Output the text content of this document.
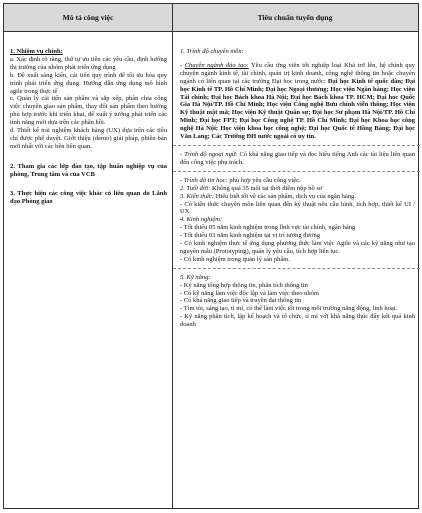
Mô tả công việc	Tiêu chuẩn tuyển dụng

1. Nhiệm vụ chính:

a. Xác định rõ ràng, thứ tự ưu tiên các yêu cầu, định hướng thị trường của nhóm phát triển ứng dụng

b. Đề xuất sáng kiến, cải tiến quy trình để tối ưu hóa quy trình phát triển ứng dụng. Hướng dẫn ứng dụng mô hình agile trong thực tế

c. Quản lý cải tiến sản phẩm và sắp xếp, phân chia công việc chuyên giao sản phẩm, thay đổi sản phẩm theo hướng phù hợp trước khi triển khai, để xuất ý tưởng phát triển các tính năng mới dựa trên các phân hồi.

d. Thiết kế trải nghiệm khách hàng (UX) dựa trên các tiêu chí được phê duyệt. Giới thiệu (demo) giải pháp, phiên bản mới nhất với các bên liên quan.

2. Tham gia các lớp đào tạo, tập huấn nghiệp vụ của phòng, Trung tâm và của VCB

3. Thực hiện các công việc khác có liên quan do Lãnh đạo Phòng giao

1. Trình độ chuyên môn:

- Chuyên ngành đào tạo: Yêu cầu ứng viên tốt nghiệp loại Khá trở lên, hệ chính quy chuyên ngành kinh tế, tài chính, quản trị kinh doanh, công nghệ thông tin hoặc chuyên ngành có liên quan tại các trường Đại học trong nước: Đại học Kinh tế quốc dân; Đại học Kinh tế TP. Hồ Chí Minh; Đại học Ngoại thương; Học viện Ngân hàng; Học viện Tài chính; Đại học Bách khoa Hà Nội; Đại học Bách khoa TP. HCM; Đại học Quốc Gia Hà Nội/TP. Hồ Chí Minh; Học viện Công nghệ Bưu chính viễn thông; Học viện Kỹ thuật mật mã; Học viện Kỹ thuật Quân sự; Đại học Sư phạm Hà Nội/TP. Hồ Chí Minh; Đại học FPT; Đại học Công nghệ TP. Hồ Chí Minh; Đại học Khoa học công nghệ Hà Nội; Học viện khoa học công nghệ; Đại học Quốc tế Hồng Bàng; Đại học Văn Lang; Các Trường ĐH nước ngoài có uy tín.

- Trình độ ngoại ngữ: Có khả năng giao tiếp và đọc hiểu tiếng Anh các tài liệu liên quan đến công việc phụ trách.

- Trình độ tin học: phù hợp yêu cầu công việc.

2. Tuổi đời: Không quá 35 tuổi tại thời điểm nộp hồ sơ

3. Kiến thức: Hiểu biết tốt về các sản phẩm, dịch vụ của ngân hàng.

- Có kiến thức chuyên môn liên quan đến kỹ thuật nêu cầu hình, tích hợp, thiết kế UI / UX

4. Kinh nghiệm:

- Tối thiểu 05 năm kinh nghiệm trong lĩnh vực tài chính, ngân hàng

- Tối thiểu 03 năm kinh nghiệm tại vị trí tương đương

- Có kinh nghiệm thực tế ứng dụng phương thức làm việc Agile và các kỹ năng như tạo nguyên mẫu (Prototyping), quản lý yêu cầu, tích hợp liên tục.

- Có kinh nghiệm trong quản lý sản phẩm.

5. Kỹ năng:

- Kỹ năng tổng hợp thông tin, phân tích thông tin

- Có kỹ năng làm việc độc lập và làm việc theo nhóm

- Có khả năng giao tiếp và truyền đạt thông tin

- Tìm tòi, sáng tạo, tỉ mỉ, có thể làm việc tốt trong môi trường năng động, linh hoạt.

- Kỹ năng phân tích, lập kế hoạch và tổ chức, tỉ mỉ với khả năng thúc đẩy kết quả kinh doanh
